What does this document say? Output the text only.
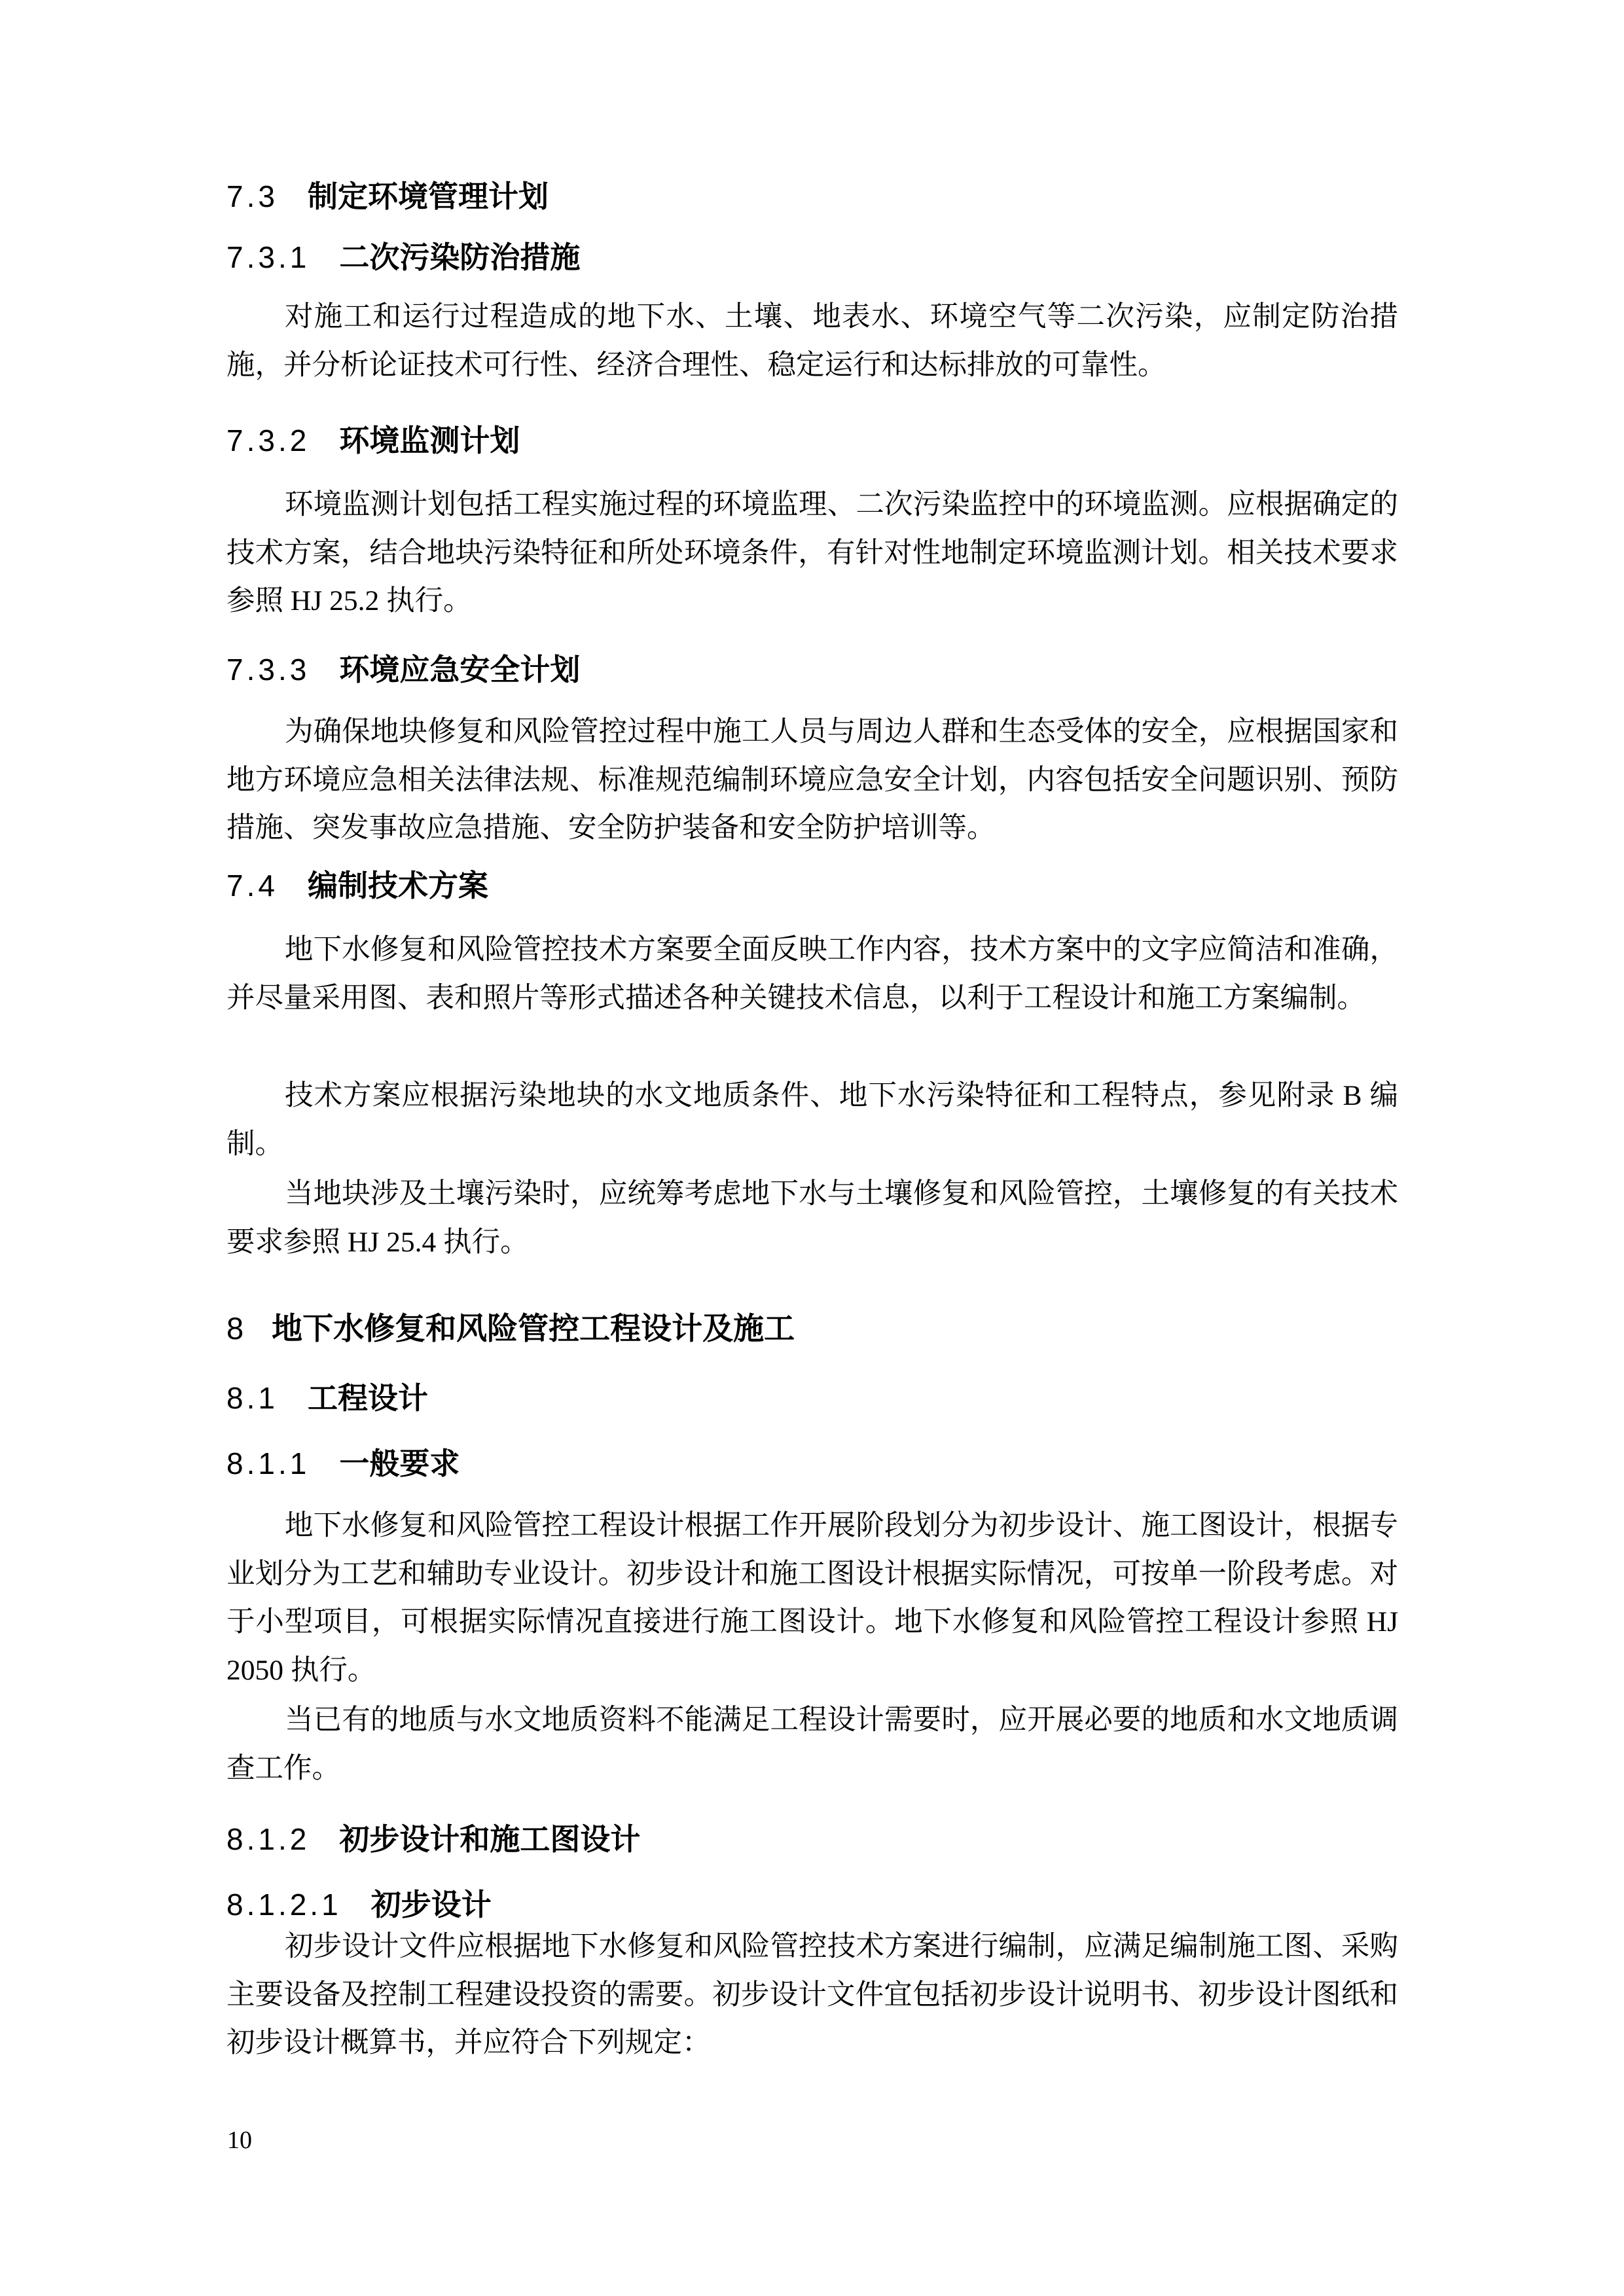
7.3 制定环境管理计划
7.3.1 二次污染防治措施

对施工和运行过程造成的地下水、土壤、地表水、环境空气等二次污染，应制定防治措施，并分析论证技术可行性、经济合理性、稳定运行和达标排放的可靠性。

7.3.2 环境监测计划

环境监测计划包括工程实施过程的环境监理、二次污染监控中的环境监测。应根据确定的技术方案，结合地块污染特征和所处环境条件，有针对性地制定环境监测计划。相关技术要求参照 HJ 25.2 执行。

7.3.3 环境应急安全计划

为确保地块修复和风险管控过程中施工人员与周边人群和生态受体的安全，应根据国家和地方环境应急相关法律法规、标准规范编制环境应急安全计划，内容包括安全问题识别、预防措施、突发事故应急措施、安全防护装备和安全防护培训等。

7.4 编制技术方案

地下水修复和风险管控技术方案要全面反映工作内容，技术方案中的文字应简洁和准确，并尽量采用图、表和照片等形式描述各种关键技术信息，以利于工程设计和施工方案编制。

技术方案应根据污染地块的水文地质条件、地下水污染特征和工程特点，参见附录 B 编制。

当地块涉及土壤污染时，应统筹考虑地下水与土壤修复和风险管控，土壤修复的有关技术要求参照 HJ 25.4 执行。

8 地下水修复和风险管控工程设计及施工
8.1 工程设计
8.1.1 一般要求

地下水修复和风险管控工程设计根据工作开展阶段划分为初步设计、施工图设计，根据专业划分为工艺和辅助专业设计。初步设计和施工图设计根据实际情况，可按单一阶段考虑。对于小型项目，可根据实际情况直接进行施工图设计。地下水修复和风险管控工程设计参照 HJ 2050 执行。

当已有的地质与水文地质资料不能满足工程设计需要时，应开展必要的地质和水文地质调查工作。

8.1.2 初步设计和施工图设计
8.1.2.1 初步设计

初步设计文件应根据地下水修复和风险管控技术方案进行编制，应满足编制施工图、采购主要设备及控制工程建设投资的需要。初步设计文件宜包括初步设计说明书、初步设计图纸和初步设计概算书，并应符合下列规定：

10
